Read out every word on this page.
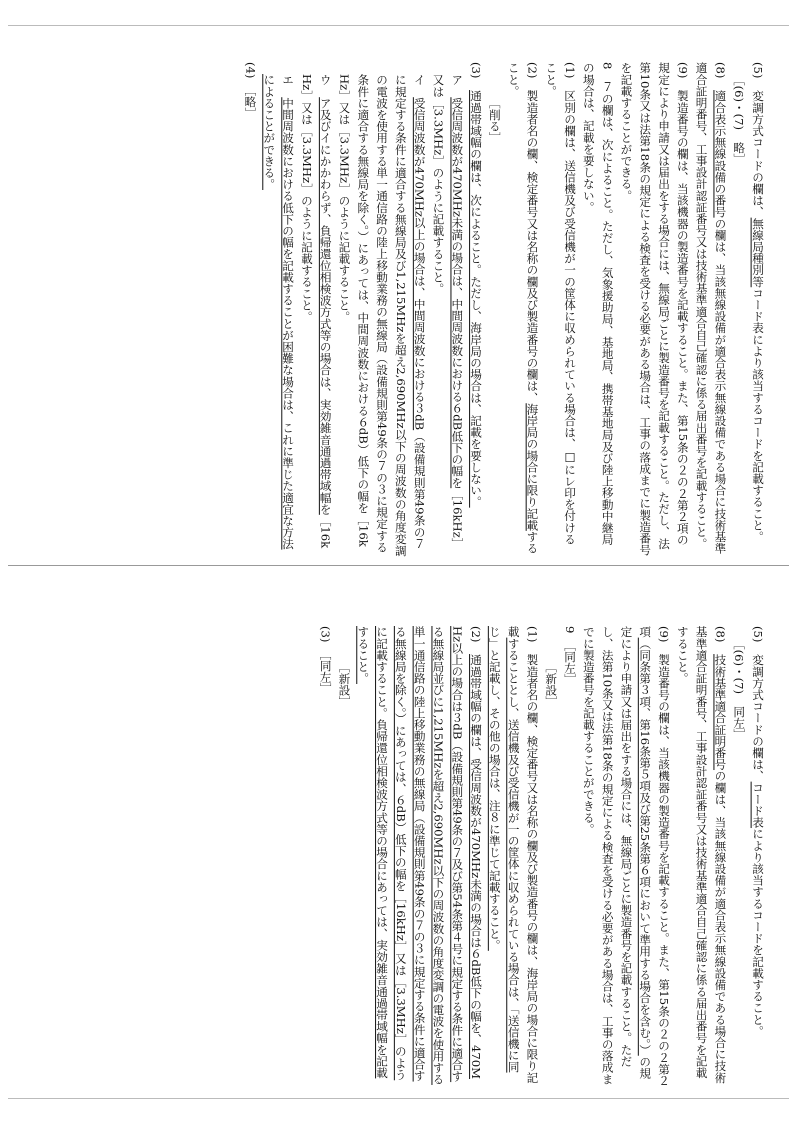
(5)　変調方式コードの欄は、無線局種別等コード表により該当するコードを記載すること。
［(6)・(7)　略］
(8)　適合表示無線設備の番号の欄は、当該無線設備が適合表示無線設備である場合に技術基準適合証明番号、工事設計認証番号又は技術基準適合自己確認に係る届出番号を記載すること。
(9)　製造番号の欄は、当該機器の製造番号を記載すること。また、第15条の２の２第２項の規定により申請又は届出をする場合には、無線局ごとに製造番号を記載すること。ただし、法第10条又は法第18条の規定による検査を受ける必要がある場合は、工事の落成までに製造番号を記載することができる。
8　７の欄は、次によること。ただし、気象援助局、基地局、携帯基地局及び陸上移動中継局の場合は、記載を要しない。
(1)　区別の欄は、送信機及び受信機が一の筐体に収められている場合は、□にレ印を付けること。
(2)　製造者名の欄、検定番号又は名称の欄及び製造番号の欄は、海岸局の場合に限り記載すること。
［削る］
(3)　通過帯域幅の欄は、次によること。ただし、海岸局の場合は、記載を要しない。
ア　受信周波数が470MHz未満の場合は、中間周波数における６dB低下の幅を［16kHz］又は［3.3MHz］のように記載すること。
イ　受信周波数が470MHz以上の場合は、中間周波数における３dB（設備規則第49条の７に規定する条件に適合する無線局及び1,215MHzを超え2,690MHz以下の周波数の角度変調の電波を使用する単一通信路の陸上移動業務の無線局（設備規則第49条の７の３に規定する条件に適合する無線局を除く。）にあっては、中間周波数における６dB）低下の幅を［16kHz］又は［3.3MHz］のように記載すること。
ウ　ア及びイにかかわらず、負帰還位相検波方式等の場合は、実効雑音通過帯域幅を［16kHz］又は［3.3MHz］のように記載すること。
エ　中間周波数における低下の幅を記載することが困難な場合は、これに準じた適宜な方法によることができる。
(4)　［略］
(5)　変調方式コードの欄は、コード表により該当するコードを記載すること。
［(6)・(7)　同左］
(8)　技術基準適合証明番号の欄は、当該無線設備が適合表示無線設備である場合に技術基準適合証明番号、工事設計認証番号又は技術基準適合自己確認に係る届出番号を記載すること。
(9)　製造番号の欄は、当該機器の製造番号を記載すること。また、第15条の２の２第２項（同条第３項、第16条第５項及び第25条第６項において準用する場合を含む。）の規定により申請又は届出をする場合には、無線局ごとに製造番号を記載すること。ただし、法第10条又は法第18条の規定による検査を受ける必要がある場合は、工事の落成までに製造番号を記載することができる。
9　［同左］
［新設］
(1)　製造者名の欄、検定番号又は名称の欄及び製造番号の欄は、海岸局の場合に限り記載することとし、送信機及び受信機が一の筐体に収められている場合は、「送信機に同じ」と記載し、その他の場合は、注８に準じて記載すること。
(2)　通過帯域幅の欄は、受信周波数が470MHz未満の場合は６dB低下の幅を、470MHz以上の場合は３dB（設備規則第49条の７及び第54条第４号に規定する条件に適合する無線局並びに1,215MHzを超え2,690MHz以下の周波数の角度変調の電波を使用する単一通信路の陸上移動業務の無線局（設備規則第49条の７の３に規定する条件に適合する無線局を除く。）にあっては、６dB）低下の幅を［16kHz］又は［3.3MHz］のように記載すること。負帰還位相検波方式等の場合にあっては、実効雑音通過帯域幅を記載すること。
［新設］
(3)　［同左］
